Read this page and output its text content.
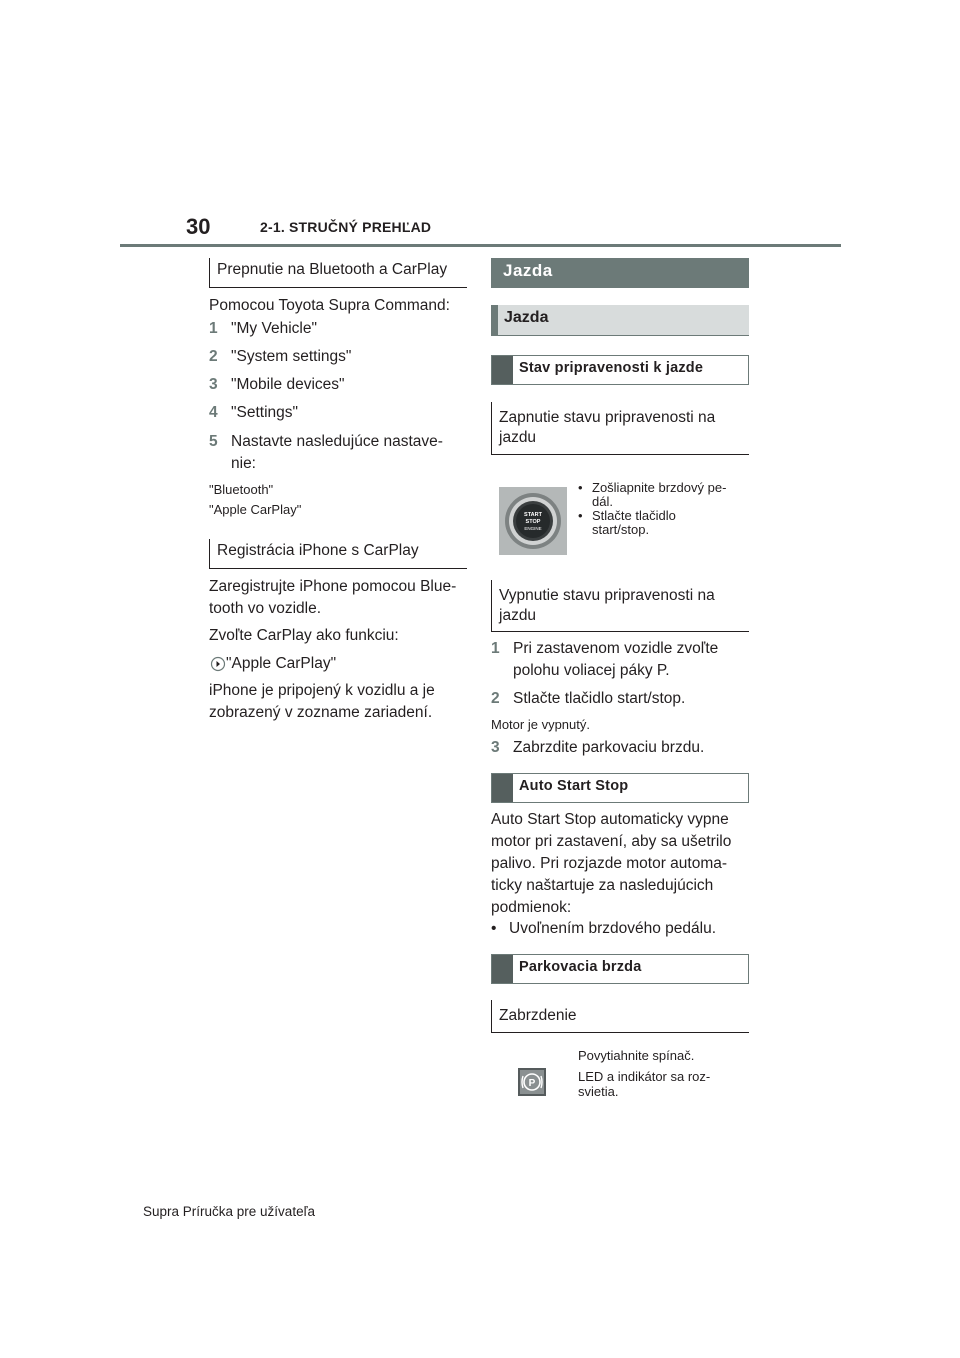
30	2-1. STRUČNÝ PREHĽAD
Prepnutie na Bluetooth a CarPlay
Pomocou Toyota Supra Command:
1 "My Vehicle"
2 "System settings"
3 "Mobile devices"
4 "Settings"
5 Nastavte nasledujúce nastave-
nie:
"Bluetooth"
"Apple CarPlay"
Registrácia iPhone s CarPlay
Zaregistrujte iPhone pomocou Blue-
tooth vo vozidle.
Zvoľte CarPlay ako funkciu:
"Apple CarPlay"
iPhone je pripojený k vozidlu a je
zobrazený v zozname zariadení.
Jazda
Jazda
Stav pripravenosti k jazde
Zapnutie stavu pripravenosti na
jazdu
START
STOP
ENGINE
• Zošliapnite brzdový pe-
dál.
• Stlačte tlačidlo
start/stop.
Vypnutie stavu pripravenosti na
jazdu
1 Pri zastavenom vozidle zvoľte
polohu voliacej páky P.
2 Stlačte tlačidlo start/stop.
Motor je vypnutý.
3 Zabrzdite parkovaciu brzdu.
Auto Start Stop
Auto Start Stop automaticky vypne
motor pri zastavení, aby sa ušetrilo
palivo. Pri rozjazde motor automa-
ticky naštartuje za nasledujúcich
podmienok:
• Uvoľnením brzdového pedálu.
Parkovacia brzda
Zabrzdenie
P
Povytiahnite spínač.
LED a indikátor sa roz-
svietia.
Supra Príručka pre užívateľa
